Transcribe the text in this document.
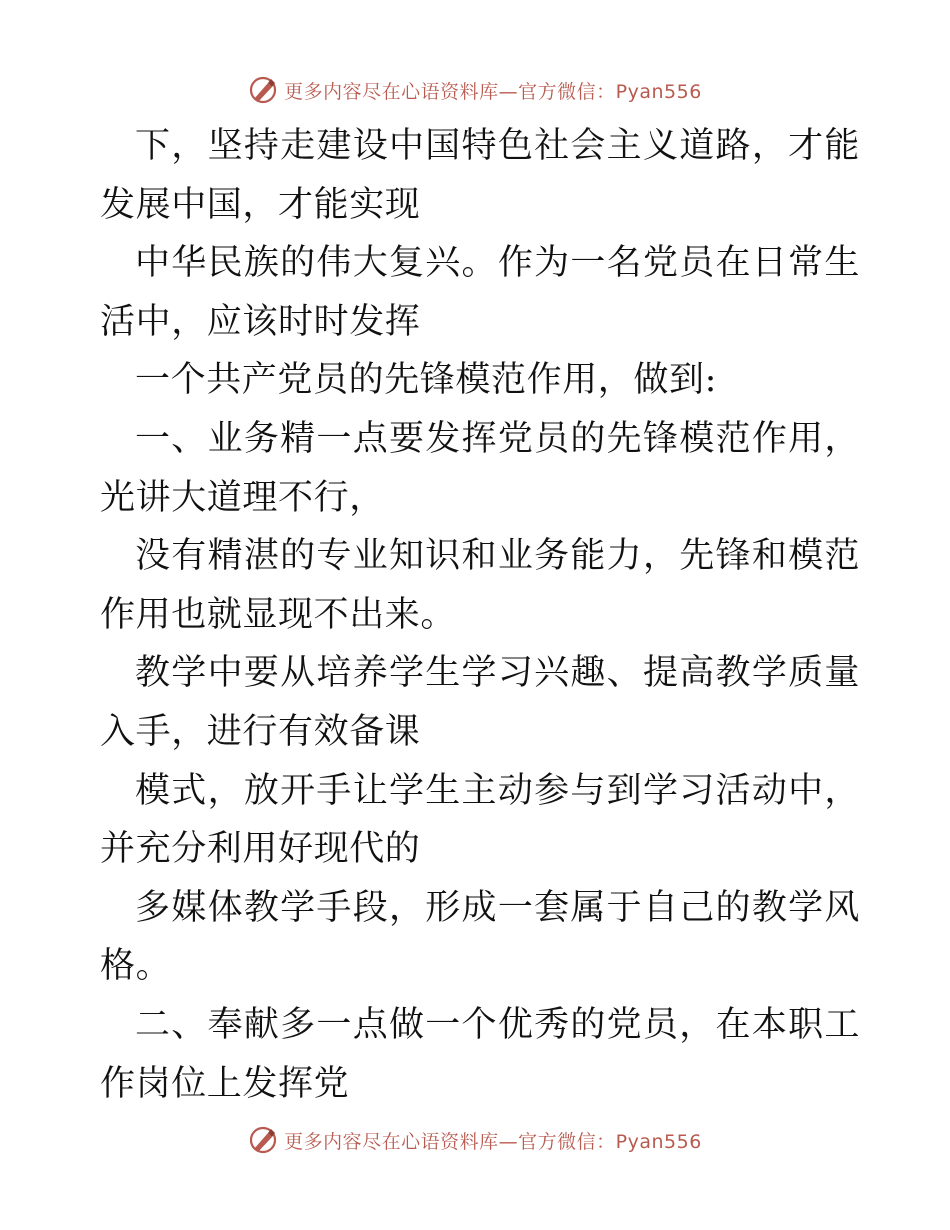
更多内容尽在心语资料库—官方微信：Pyan556

下，坚持走建设中国特色社会主义道路，才能发展中国，才能实现

中华民族的伟大复兴。作为一名党员在日常生活中，应该时时发挥

一个共产党员的先锋模范作用，做到:

一、业务精一点要发挥党员的先锋模范作用，光讲大道理不行，

没有精湛的专业知识和业务能力，先锋和模范作用也就显现不出来。

教学中要从培养学生学习兴趣、提高教学质量入手，进行有效备课

模式，放开手让学生主动参与到学习活动中，并充分利用好现代的

多媒体教学手段，形成一套属于自己的教学风格。

二、奉献多一点做一个优秀的党员，在本职工作岗位上发挥党

更多内容尽在心语资料库—官方微信：Pyan556
